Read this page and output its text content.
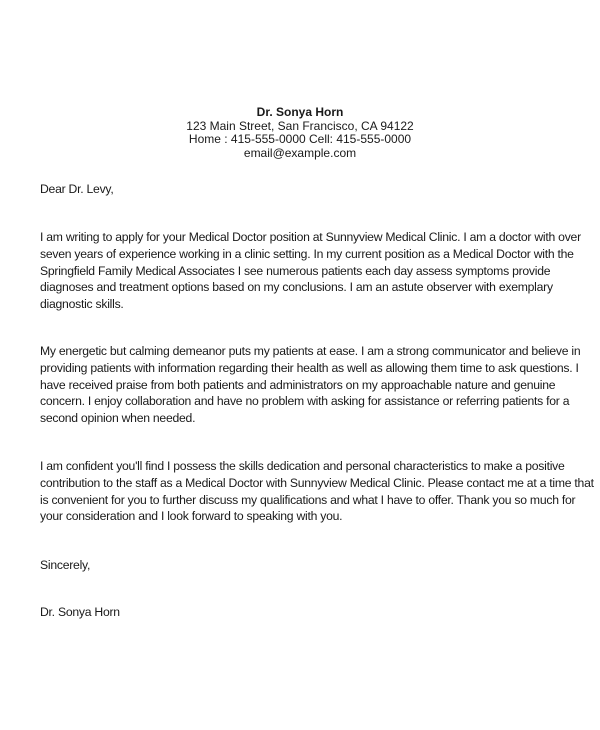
Dr. Sonya Horn
123 Main Street, San Francisco, CA 94122
Home : 415-555-0000 Cell: 415-555-0000
email@example.com
Dear Dr. Levy,
I am writing to apply for your Medical Doctor position at Sunnyview Medical Clinic. I am a doctor with over
seven years of experience working in a clinic setting. In my current position as a Medical Doctor with the
Springfield Family Medical Associates I see numerous patients each day assess symptoms provide
diagnoses and treatment options based on my conclusions. I am an astute observer with exemplary
diagnostic skills.
My energetic but calming demeanor puts my patients at ease. I am a strong communicator and believe in
providing patients with information regarding their health as well as allowing them time to ask questions. I
have received praise from both patients and administrators on my approachable nature and genuine
concern. I enjoy collaboration and have no problem with asking for assistance or referring patients for a
second opinion when needed.
I am confident you'll find I possess the skills dedication and personal characteristics to make a positive
contribution to the staff as a Medical Doctor with Sunnyview Medical Clinic. Please contact me at a time that
is convenient for you to further discuss my qualifications and what I have to offer. Thank you so much for
your consideration and I look forward to speaking with you.
Sincerely,
Dr. Sonya Horn
